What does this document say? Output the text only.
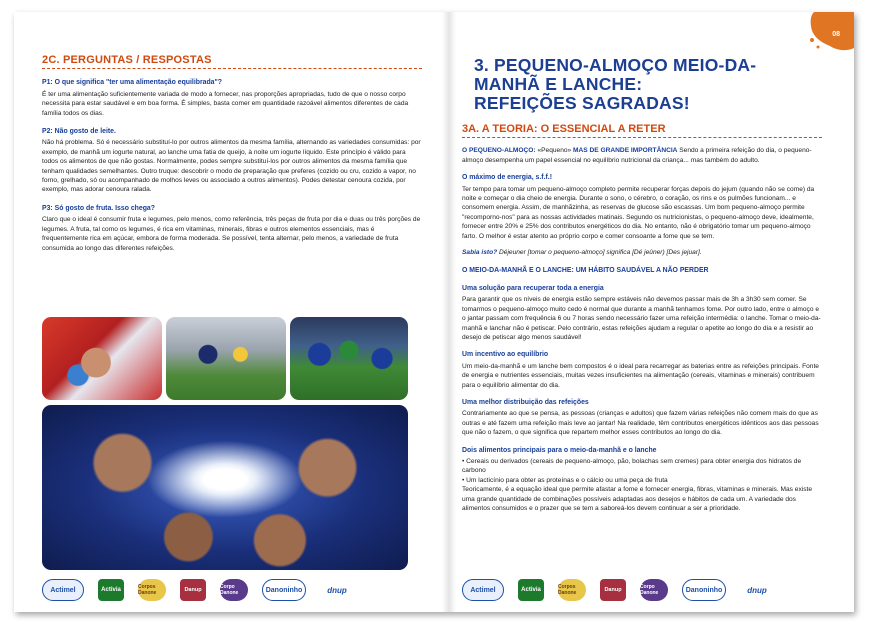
08
2C. PERGUNTAS / RESPOSTAS
P1: O que significa "ter uma alimentação equilibrada"?

É ter uma alimentação suficientemente variada de modo a fornecer, nas proporções apropriadas, tudo de que o nosso corpo necessita para estar saudável e em boa forma. É simples, basta comer em quantidade razoável alimentos diferentes de cada família todos os dias.

P2: Não gosto de leite.

Não há problema. Só é necessário substituí-lo por outros alimentos da mesma família, alternando as variedades consumidas: por exemplo, de manhã um iogurte natural, ao lanche uma fatia de queijo, à noite um iogurte líquido. Este princípio é válido para todos os alimentos de que não gostas. Normalmente, podes sempre substituí-los por outros alimentos da mesma família que tenham qualidades semelhantes. Outro truque: descobrir o modo de preparação que preferes (cozido ou cru, cozido a vapor, no forno, grelhado, só ou acompanhado de molhos leves ou associado a outros alimentos). Podes detestar cenoura cozida, por exemplo, mas adorar cenoura ralada.

P3: Só gosto de fruta. Isso chega?

Claro que o ideal é consumir fruta e legumes, pelo menos, como referência, três peças de fruta por dia e duas ou três porções de legumes. A fruta, tal como os legumes, é rica em vitaminas, minerais, fibras e outros elementos essenciais, mas é frequentemente rica em açúcar, embora de forma moderada. Se possível, tenta alternar, pelo menos, a variedade de fruta consumida ao longo das diferentes refeições.

3. PEQUENO-ALMOÇO MEIO-DA-MANHÃ E LANCHE:
REFEIÇÕES SAGRADAS!
3A. A TEORIA: O ESSENCIAL A RETER

O PEQUENO-ALMOÇO: «Pequeno» MAS DE GRANDE IMPORTÂNCIA Sendo a primeira refeição do dia, o pequeno-almoço desempenha um papel essencial no equilíbrio nutricional da criança... mas também do adulto.

O máximo de energia, s.f.f.!

Ter tempo para tomar um pequeno-almoço completo permite recuperar forças depois do jejum (quando não se come) da noite e começar o dia cheio de energia. Durante o sono, o cérebro, o coração, os rins e os pulmões funcionam... e consomem energia. Assim, de manhãzinha, as reservas de glucose são escassas. Um bom pequeno-almoço permite "recomporno-nos" para as nossas actividades matinais. Segundo os nutricionistas, o pequeno-almoço deve, idealmente, fornecer entre 20% e 25% dos contributos energéticos do dia. No entanto, não é obrigatório tomar um pequeno-almoço farto. O melhor é estar atento ao próprio corpo e comer consoante a fome que se tem.

Sabia isto? Déjeuner [tomar o pequeno-almoço] significa [Dé jeûner) [Des jejuar].

O MEIO-DA-MANHÃ E O LANCHE: UM HÁBITO SAUDÁVEL A NÃO PERDER
Uma solução para recuperar toda a energia

Para garantir que os níveis de energia estão sempre estáveis não devemos passar mais de 3h a 3h30 sem comer. Se tomarmos o pequeno-almoço muito cedo é normal que durante a manhã tenhamos fome. Por outro lado, entre o almoço e o jantar passam com frequência 6 ou 7 horas sendo necessário fazer uma refeição intermédia: o lanche. Tomar o meio-da-manhã e lanchar não é petiscar. Pelo contrário, estas refeições ajudam a regular o apetite ao longo do dia e a resistir ao desejo de petiscar algo menos saudável!

Um incentivo ao equilíbrio

Um meio-da-manhã e um lanche bem compostos é o ideal para recarregar as baterias entre as refeições principais. Fonte de energia e nutrientes essenciais, muitas vezes insuficientes na alimentação (cereais, vitaminas e minerais) contribuem para o equilíbrio alimentar do dia.

Uma melhor distribuição das refeições

Contrariamente ao que se pensa, as pessoas (crianças e adultos) que fazem várias refeições não comem mais do que as outras e até fazem uma refeição mais leve ao jantar! Na realidade, têm contributos energéticos idênticos aos das pessoas que não o fazem, o que significa que repartem melhor esses contributos ao longo do dia.

Dois alimentos principais para o meio-da-manhã e o lanche

• Cereais ou derivados (cereais de pequeno-almoço, pão, bolachas sem cremes) para obter energia dos hidratos de carbono

• Um lacticínio para obter as proteínas e o cálcio ou uma peça de fruta

Teoricamente, é a equação ideal que permite afastar a fome e fornecer energia, fibras, vitaminas e minerais. Mas existe uma grande quantidade de combinações possíveis adaptadas aos desejos e hábitos de cada um. A variedade dos alimentos consumidos e o prazer que se tem a saboreá-los devem continuar a ser a prioridade.

Actimel	Activia	Corpos Danone	Danup	Corpo Danone	Danoninho	dnup	Actimel	Activia	Corpos Danone	Danup	Corpo Danone	Danoninho	dnup
